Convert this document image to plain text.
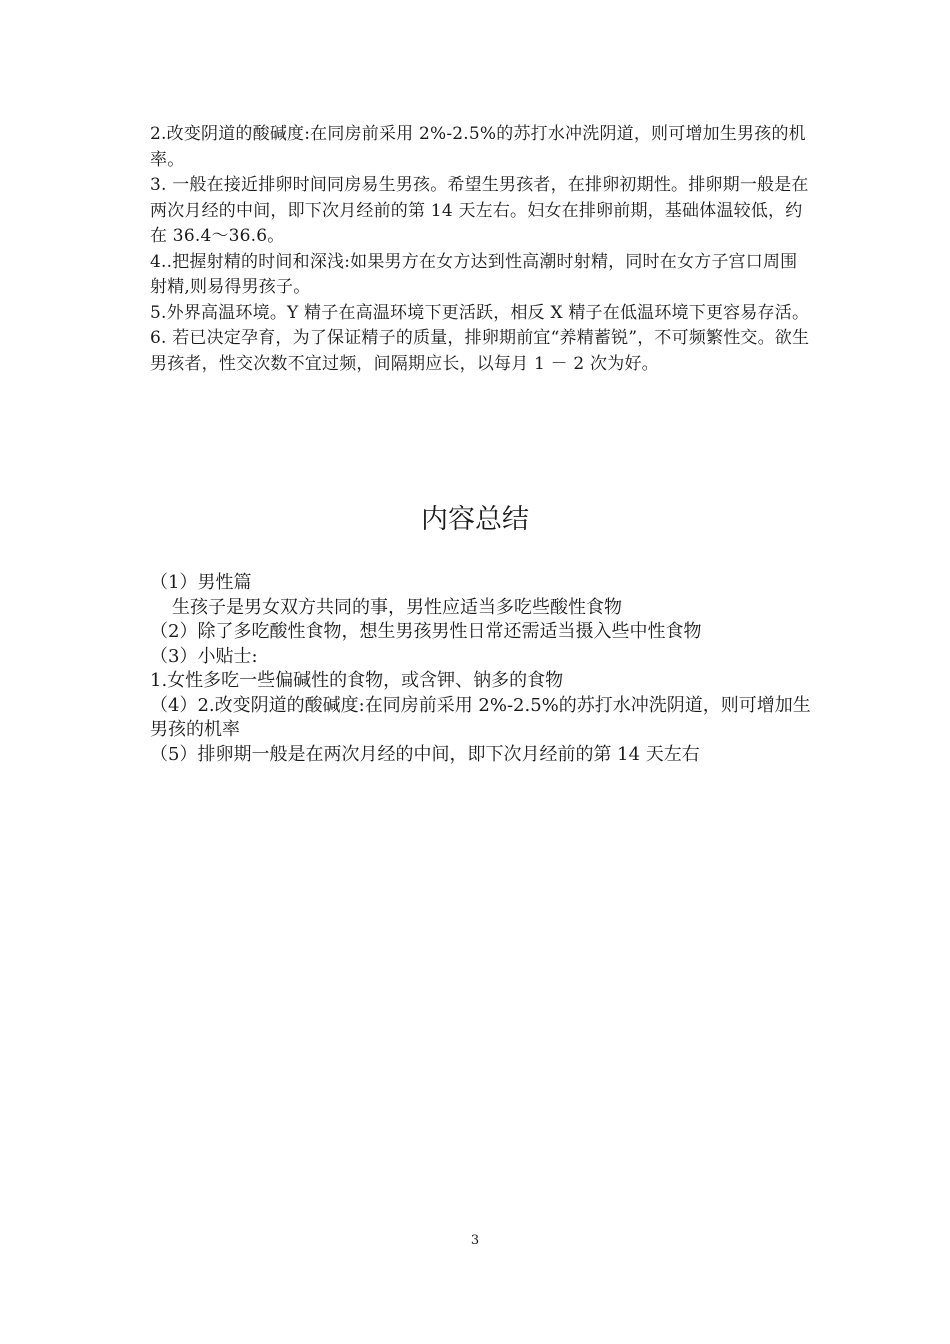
2.改变阴道的酸碱度:在同房前采用 2%-2.5%的苏打水冲洗阴道，则可增加生男孩的机率。

3. 一般在接近排卵时间同房易生男孩。希望生男孩者，在排卵初期性。排卵期一般是在两次月经的中间，即下次月经前的第 14 天左右。妇女在排卵前期，基础体温较低，约在 36.4～36.6。

4..把握射精的时间和深浅:如果男方在女方达到性高潮时射精，同时在女方子宫口周围射精,则易得男孩子。

5.外界高温环境。Y 精子在高温环境下更活跃，相反 X 精子在低温环境下更容易存活。

6. 若已决定孕育，为了保证精子的质量，排卵期前宜“养精蓄锐”，不可频繁性交。欲生男孩者，性交次数不宜过频，间隔期应长，以每月 1 － 2 次为好。

内容总结

（1）男性篇

生孩子是男女双方共同的事，男性应适当多吃些酸性食物

（2）除了多吃酸性食物，想生男孩男性日常还需适当摄入些中性食物

（3）小贴士:

1.女性多吃一些偏碱性的食物，或含钾、钠多的食物

（4）2.改变阴道的酸碱度:在同房前采用 2%-2.5%的苏打水冲洗阴道，则可增加生男孩的机率

（5）排卵期一般是在两次月经的中间，即下次月经前的第 14 天左右

3
